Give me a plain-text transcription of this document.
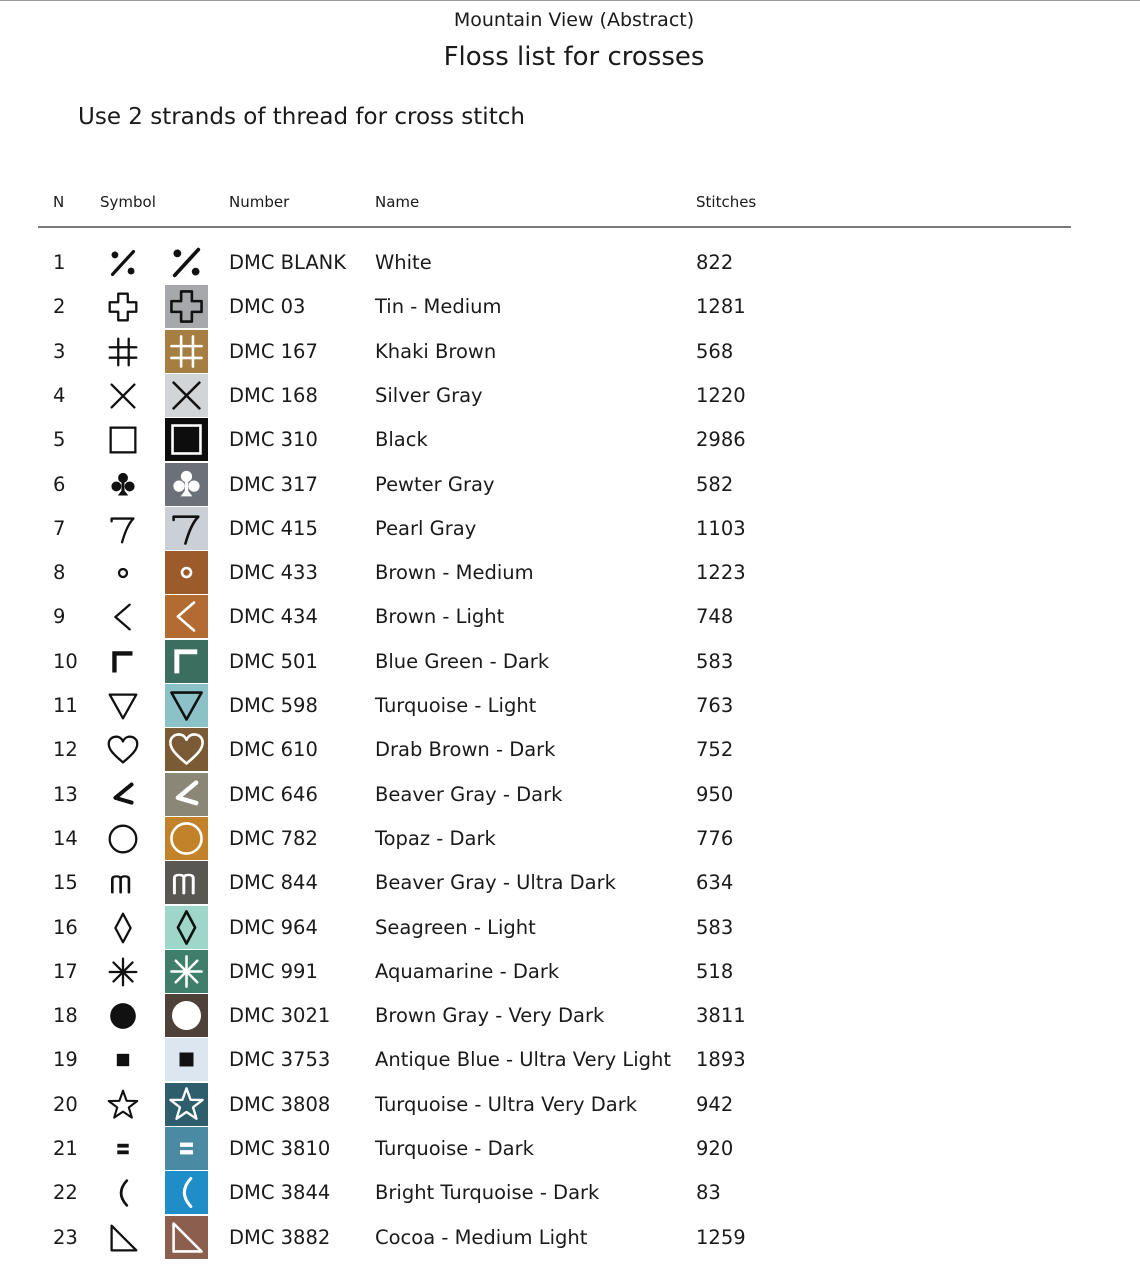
Mountain View (Abstract)
Floss list for crosses
Use 2 strands of thread for cross stitch
N Symbol	Number	Name	Stitches
1	DMC BLANK White	822
2	DMC 03	Tin - Medium	1281
3	DMC 167	Khaki Brown	568
4	DMC 168	Silver Gray	1220
5	DMC 310	Black	2986
6	DMC 317	Pewter Gray	582
7	DMC 415	Pearl Gray	1103
8	DMC 433	Brown - Medium	1223
9	DMC 434	Brown - Light	748
10	DMC 501	Blue Green - Dark	583
11	DMC 598	Turquoise - Light	763
12	DMC 610	Drab Brown - Dark	752
13	DMC 646	Beaver Gray - Dark	950
14	DMC 782	Topaz - Dark	776
15	DMC 844	Beaver Gray - Ultra Dark	634
16	DMC 964	Seagreen - Light	583
17	DMC 991	Aquamarine - Dark	518
18	DMC 3021 Brown Gray - Very Dark	3811
19	DMC 3753 Antique Blue - Ultra Very Light 1893
20	DMC 3808 Turquoise - Ultra Very Dark	942
21	DMC 3810 Turquoise - Dark	920
22	DMC 3844 Bright Turquoise - Dark	83
23	DMC 3882 Cocoa - Medium Light	1259
